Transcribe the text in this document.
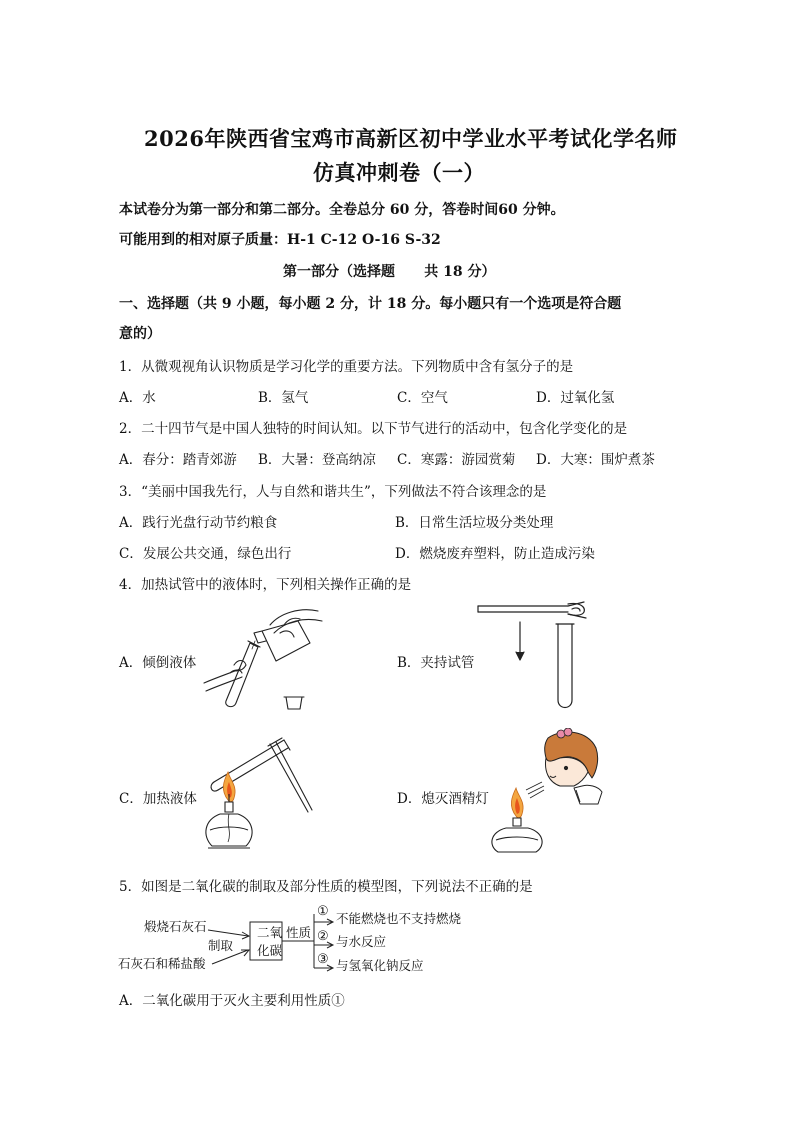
2026年陕西省宝鸡市高新区初中学业水平考试化学名师
仿真冲刺卷（一）
本试卷分为第一部分和第二部分。全卷总分 60 分，答卷时间60 分钟。
可能用到的相对原子质量：H-1 C-12 O-16 S-32
第一部分（选择题      共 18 分）
一、选择题（共 9 小题，每小题 2 分，计 18 分。每小题只有一个选项是符合题
意的）
1．从微观视角认识物质是学习化学的重要方法。下列物质中含有氢分子的是
A．水	B．氢气	C．空气	D．过氧化氢
2．二十四节气是中国人独特的时间认知。以下节气进行的活动中，包含化学变化的是
A．春分：踏青郊游 B．大暑：登高纳凉 C．寒露：游园赏菊 D．大寒：围炉煮茶
3．“美丽中国我先行，人与自然和谐共生”，下列做法不符合该理念的是
A．践行光盘行动节约粮食	B．日常生活垃圾分类处理
C．发展公共交通，绿色出行	D．燃烧废弃塑料，防止造成污染
4．加热试管中的液体时，下列相关操作正确的是
A．倾倒液体	B．夹持试管
C．加热液体	D．熄灭酒精灯
5．如图是二氧化碳的制取及部分性质的模型图，下列说法不正确的是
煅烧石灰石
石灰石和稀盐酸
制取
二氧
化碳
性质
① 不能燃烧也不支持燃烧
② 与水反应
③ 与氢氧化钠反应
A．二氧化碳用于灭火主要利用性质①
